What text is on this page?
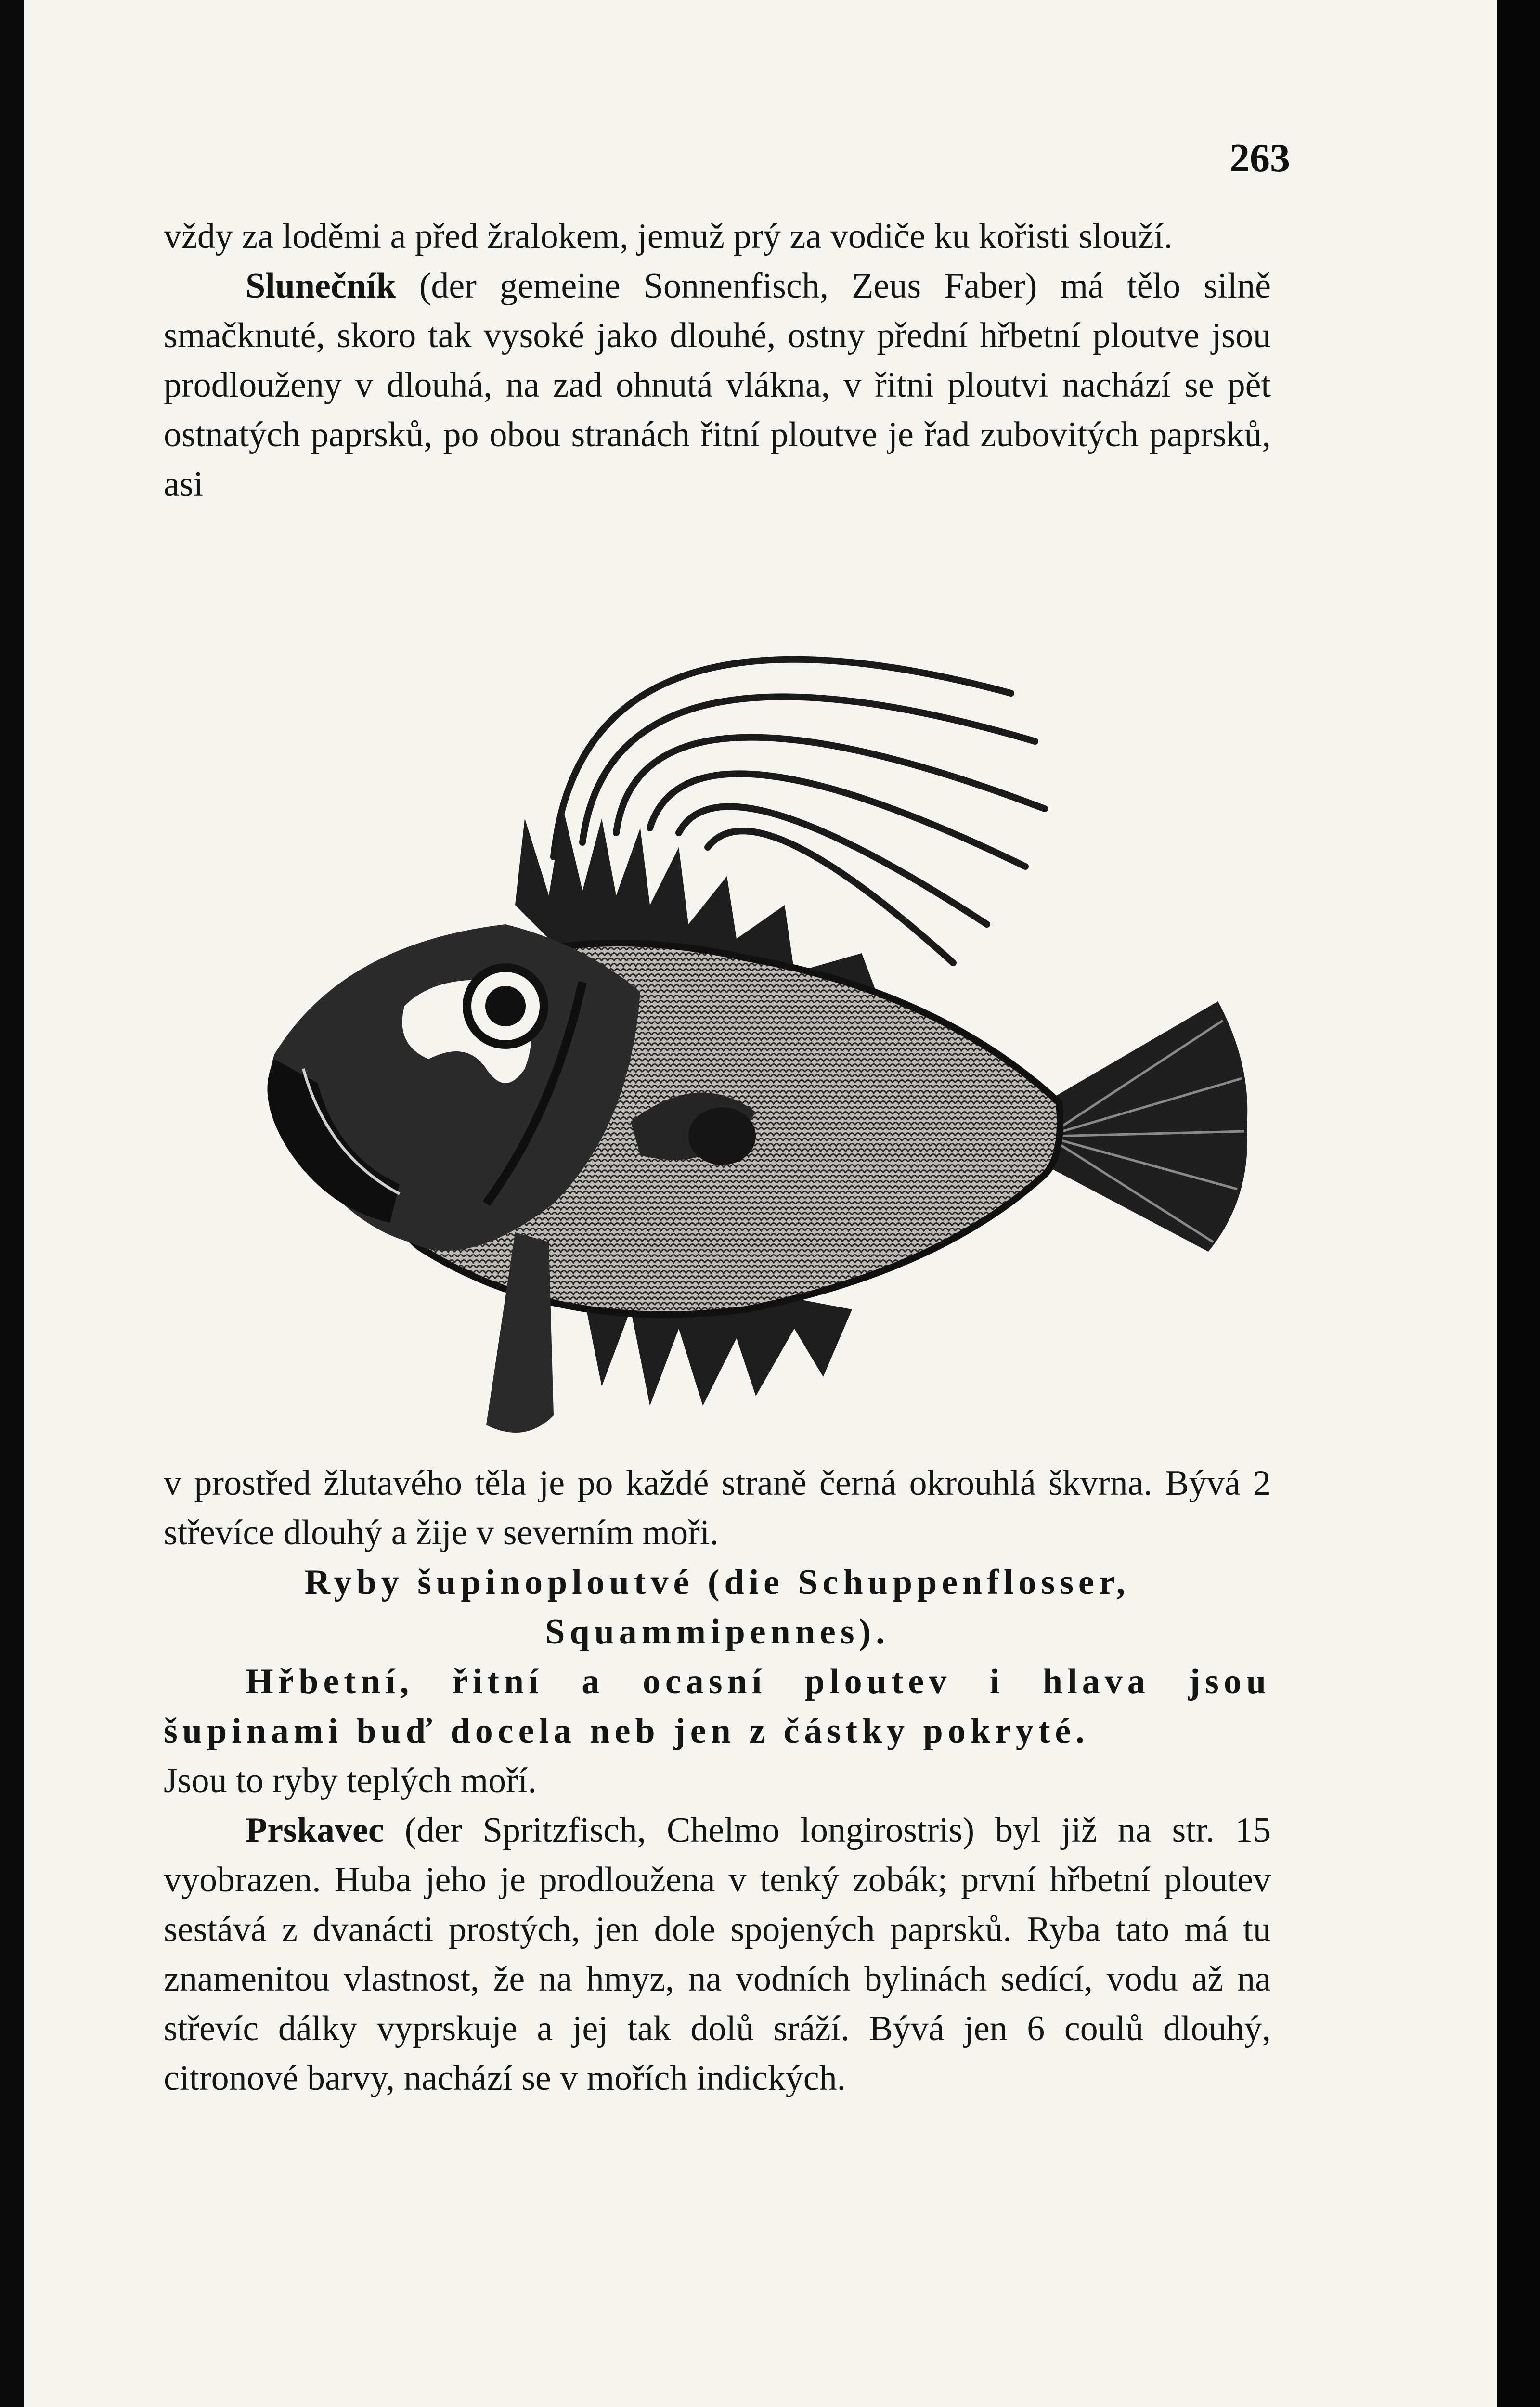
263

vždy za loděmi a před žralokem, jemuž prý za vodiče ku kořisti slouží.

Slunečník (der gemeine Sonnenfisch, Zeus Faber) má tělo silně smačknuté, skoro tak vysoké jako dlouhé, ostny přední hřbetní ploutve jsou prodlouženy v dlouhá, na zad ohnutá vlákna, v řitni ploutvi nachází se pět ostnatých paprsků, po obou stranách řitní ploutve je řad zubovitých paprsků, asi

v prostřed žlutavého těla je po každé straně černá okrouhlá škvrna. Bývá 2 střevíce dlouhý a žije v severním moři.

Ryby šupinoploutvé (die Schuppenflosser, Squammipennes).

Hřbetní, řitní a ocasní ploutev i hlava jsou šupinami buď docela neb jen z částky pokryté.

Jsou to ryby teplých moří.

Prskavec (der Spritzfisch, Chelmo longirostris) byl již na str. 15 vyobrazen. Huba jeho je prodloužena v tenký zobák; první hřbetní ploutev sestává z dvanácti prostých, jen dole spojených paprsků. Ryba tato má tu znamenitou vlastnost, že na hmyz, na vodních bylinách sedící, vodu až na střevíc dálky vyprskuje a jej tak dolů sráží. Bývá jen 6 coulů dlouhý, citronové barvy, nachází se v mořích indických.
